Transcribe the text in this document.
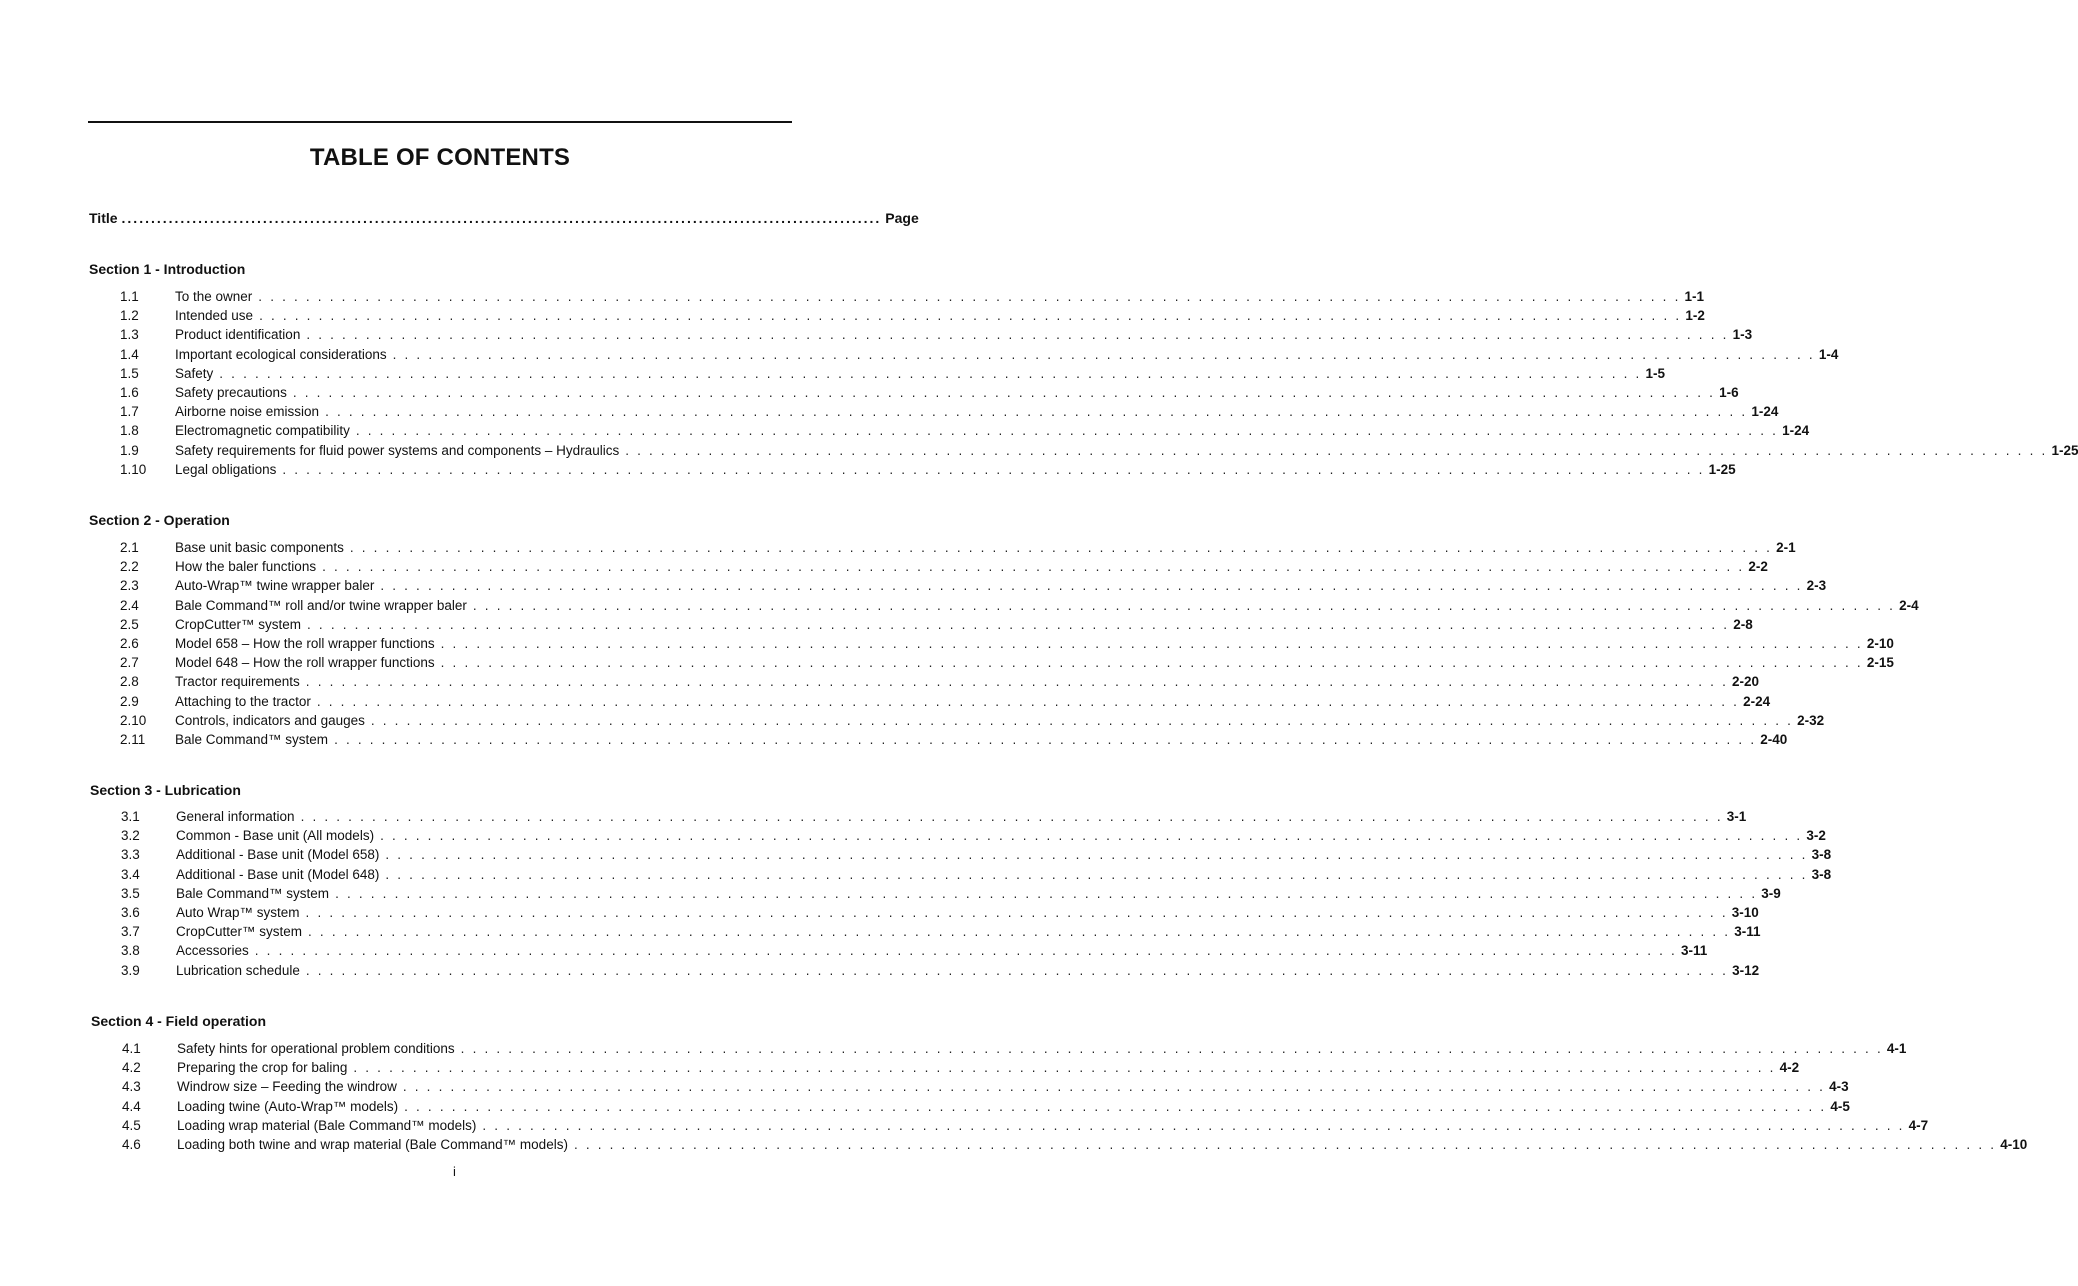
TABLE OF CONTENTS
Title ................................................................................................................................. Page
Section 1 - Introduction
1.1	To the owner . . . . . . . . . . . . . . . . . . . . . . . . . . . . . . . . . . . . . . . . . . . . . . . . . . . . . . . . . . . . . . . . . . . . . . . . . . . . . . . . . . . . . . . . . . . . . . . . . . . . . . . . . . . . . . . . . . . . . . . . 1-1
1.2	Intended use . . . . . . . . . . . . . . . . . . . . . . . . . . . . . . . . . . . . . . . . . . . . . . . . . . . . . . . . . . . . . . . . . . . . . . . . . . . . . . . . . . . . . . . . . . . . . . . . . . . . . . . . . . . . . . . . . . . . . . . . 1-2
1.3	Product identification . . . . . . . . . . . . . . . . . . . . . . . . . . . . . . . . . . . . . . . . . . . . . . . . . . . . . . . . . . . . . . . . . . . . . . . . . . . . . . . . . . . . . . . . . . . . . . . . . . . . . . . . . . . . . . . . . . . . . . . . 1-3
1.4	Important ecological considerations . . . . . . . . . . . . . . . . . . . . . . . . . . . . . . . . . . . . . . . . . . . . . . . . . . . . . . . . . . . . . . . . . . . . . . . . . . . . . . . . . . . . . . . . . . . . . . . . . . . . . . . . . . . . . . . . . . . . . . . . 1-4
1.5	Safety . . . . . . . . . . . . . . . . . . . . . . . . . . . . . . . . . . . . . . . . . . . . . . . . . . . . . . . . . . . . . . . . . . . . . . . . . . . . . . . . . . . . . . . . . . . . . . . . . . . . . . . . . . . . . . . . . . . . . . . . 1-5
1.6	Safety precautions . . . . . . . . . . . . . . . . . . . . . . . . . . . . . . . . . . . . . . . . . . . . . . . . . . . . . . . . . . . . . . . . . . . . . . . . . . . . . . . . . . . . . . . . . . . . . . . . . . . . . . . . . . . . . . . . . . . . . . . . 1-6
1.7	Airborne noise emission . . . . . . . . . . . . . . . . . . . . . . . . . . . . . . . . . . . . . . . . . . . . . . . . . . . . . . . . . . . . . . . . . . . . . . . . . . . . . . . . . . . . . . . . . . . . . . . . . . . . . . . . . . . . . . . . . . . . . . . . 1-24
1.8	Electromagnetic compatibility . . . . . . . . . . . . . . . . . . . . . . . . . . . . . . . . . . . . . . . . . . . . . . . . . . . . . . . . . . . . . . . . . . . . . . . . . . . . . . . . . . . . . . . . . . . . . . . . . . . . . . . . . . . . . . . . . . . . . . . . 1-24
1.9	Safety requirements for fluid power systems and components – Hydraulics . . . . . . . . . . . . . . . . . . . . . . . . . . . . . . . . . . . . . . . . . . . . . . . . . . . . . . . . . . . . . . . . . . . . . . . . . . . . . . . . . . . . . . . . . . . . . . . . . . . . . . . . . . . . . . . . . . . . . . . . 1-25
1.10	Legal obligations . . . . . . . . . . . . . . . . . . . . . . . . . . . . . . . . . . . . . . . . . . . . . . . . . . . . . . . . . . . . . . . . . . . . . . . . . . . . . . . . . . . . . . . . . . . . . . . . . . . . . . . . . . . . . . . . . . . . . . . . 1-25
Section 2 - Operation
2.1	Base unit basic components . . . . . . . . . . . . . . . . . . . . . . . . . . . . . . . . . . . . . . . . . . . . . . . . . . . . . . . . . . . . . . . . . . . . . . . . . . . . . . . . . . . . . . . . . . . . . . . . . . . . . . . . . . . . . . . . . . . . . . . . 2-1
2.2	How the baler functions . . . . . . . . . . . . . . . . . . . . . . . . . . . . . . . . . . . . . . . . . . . . . . . . . . . . . . . . . . . . . . . . . . . . . . . . . . . . . . . . . . . . . . . . . . . . . . . . . . . . . . . . . . . . . . . . . . . . . . . . 2-2
2.3	Auto-Wrap™ twine wrapper baler . . . . . . . . . . . . . . . . . . . . . . . . . . . . . . . . . . . . . . . . . . . . . . . . . . . . . . . . . . . . . . . . . . . . . . . . . . . . . . . . . . . . . . . . . . . . . . . . . . . . . . . . . . . . . . . . . . . . . . . . 2-3
2.4	Bale Command™ roll and/or twine wrapper baler . . . . . . . . . . . . . . . . . . . . . . . . . . . . . . . . . . . . . . . . . . . . . . . . . . . . . . . . . . . . . . . . . . . . . . . . . . . . . . . . . . . . . . . . . . . . . . . . . . . . . . . . . . . . . . . . . . . . . . . . 2-4
2.5	CropCutter™ system . . . . . . . . . . . . . . . . . . . . . . . . . . . . . . . . . . . . . . . . . . . . . . . . . . . . . . . . . . . . . . . . . . . . . . . . . . . . . . . . . . . . . . . . . . . . . . . . . . . . . . . . . . . . . . . . . . . . . . . . 2-8
2.6	Model 658 – How the roll wrapper functions . . . . . . . . . . . . . . . . . . . . . . . . . . . . . . . . . . . . . . . . . . . . . . . . . . . . . . . . . . . . . . . . . . . . . . . . . . . . . . . . . . . . . . . . . . . . . . . . . . . . . . . . . . . . . . . . . . . . . . . . 2-10
2.7	Model 648 – How the roll wrapper functions . . . . . . . . . . . . . . . . . . . . . . . . . . . . . . . . . . . . . . . . . . . . . . . . . . . . . . . . . . . . . . . . . . . . . . . . . . . . . . . . . . . . . . . . . . . . . . . . . . . . . . . . . . . . . . . . . . . . . . . . 2-15
2.8	Tractor requirements . . . . . . . . . . . . . . . . . . . . . . . . . . . . . . . . . . . . . . . . . . . . . . . . . . . . . . . . . . . . . . . . . . . . . . . . . . . . . . . . . . . . . . . . . . . . . . . . . . . . . . . . . . . . . . . . . . . . . . . . 2-20
2.9	Attaching to the tractor . . . . . . . . . . . . . . . . . . . . . . . . . . . . . . . . . . . . . . . . . . . . . . . . . . . . . . . . . . . . . . . . . . . . . . . . . . . . . . . . . . . . . . . . . . . . . . . . . . . . . . . . . . . . . . . . . . . . . . . . 2-24
2.10	Controls, indicators and gauges . . . . . . . . . . . . . . . . . . . . . . . . . . . . . . . . . . . . . . . . . . . . . . . . . . . . . . . . . . . . . . . . . . . . . . . . . . . . . . . . . . . . . . . . . . . . . . . . . . . . . . . . . . . . . . . . . . . . . . . . 2-32
2.11	Bale Command™ system . . . . . . . . . . . . . . . . . . . . . . . . . . . . . . . . . . . . . . . . . . . . . . . . . . . . . . . . . . . . . . . . . . . . . . . . . . . . . . . . . . . . . . . . . . . . . . . . . . . . . . . . . . . . . . . . . . . . . . . . 2-40
Section 3 - Lubrication
3.1	General information . . . . . . . . . . . . . . . . . . . . . . . . . . . . . . . . . . . . . . . . . . . . . . . . . . . . . . . . . . . . . . . . . . . . . . . . . . . . . . . . . . . . . . . . . . . . . . . . . . . . . . . . . . . . . . . . . . . . . . . . 3-1
3.2	Common - Base unit (All models) . . . . . . . . . . . . . . . . . . . . . . . . . . . . . . . . . . . . . . . . . . . . . . . . . . . . . . . . . . . . . . . . . . . . . . . . . . . . . . . . . . . . . . . . . . . . . . . . . . . . . . . . . . . . . . . . . . . . . . . . 3-2
3.3	Additional - Base unit (Model 658) . . . . . . . . . . . . . . . . . . . . . . . . . . . . . . . . . . . . . . . . . . . . . . . . . . . . . . . . . . . . . . . . . . . . . . . . . . . . . . . . . . . . . . . . . . . . . . . . . . . . . . . . . . . . . . . . . . . . . . . . 3-8
3.4	Additional - Base unit (Model 648) . . . . . . . . . . . . . . . . . . . . . . . . . . . . . . . . . . . . . . . . . . . . . . . . . . . . . . . . . . . . . . . . . . . . . . . . . . . . . . . . . . . . . . . . . . . . . . . . . . . . . . . . . . . . . . . . . . . . . . . . 3-8
3.5	Bale Command™ system . . . . . . . . . . . . . . . . . . . . . . . . . . . . . . . . . . . . . . . . . . . . . . . . . . . . . . . . . . . . . . . . . . . . . . . . . . . . . . . . . . . . . . . . . . . . . . . . . . . . . . . . . . . . . . . . . . . . . . . . 3-9
3.6	Auto Wrap™ system . . . . . . . . . . . . . . . . . . . . . . . . . . . . . . . . . . . . . . . . . . . . . . . . . . . . . . . . . . . . . . . . . . . . . . . . . . . . . . . . . . . . . . . . . . . . . . . . . . . . . . . . . . . . . . . . . . . . . . . . 3-10
3.7	CropCutter™ system . . . . . . . . . . . . . . . . . . . . . . . . . . . . . . . . . . . . . . . . . . . . . . . . . . . . . . . . . . . . . . . . . . . . . . . . . . . . . . . . . . . . . . . . . . . . . . . . . . . . . . . . . . . . . . . . . . . . . . . . 3-11
3.8	Accessories . . . . . . . . . . . . . . . . . . . . . . . . . . . . . . . . . . . . . . . . . . . . . . . . . . . . . . . . . . . . . . . . . . . . . . . . . . . . . . . . . . . . . . . . . . . . . . . . . . . . . . . . . . . . . . . . . . . . . . . . 3-11
3.9	Lubrication schedule . . . . . . . . . . . . . . . . . . . . . . . . . . . . . . . . . . . . . . . . . . . . . . . . . . . . . . . . . . . . . . . . . . . . . . . . . . . . . . . . . . . . . . . . . . . . . . . . . . . . . . . . . . . . . . . . . . . . . . . . 3-12
Section 4 - Field operation
4.1	Safety hints for operational problem conditions . . . . . . . . . . . . . . . . . . . . . . . . . . . . . . . . . . . . . . . . . . . . . . . . . . . . . . . . . . . . . . . . . . . . . . . . . . . . . . . . . . . . . . . . . . . . . . . . . . . . . . . . . . . . . . . . . . . . . . . . 4-1
4.2	Preparing the crop for baling . . . . . . . . . . . . . . . . . . . . . . . . . . . . . . . . . . . . . . . . . . . . . . . . . . . . . . . . . . . . . . . . . . . . . . . . . . . . . . . . . . . . . . . . . . . . . . . . . . . . . . . . . . . . . . . . . . . . . . . . 4-2
4.3	Windrow size – Feeding the windrow . . . . . . . . . . . . . . . . . . . . . . . . . . . . . . . . . . . . . . . . . . . . . . . . . . . . . . . . . . . . . . . . . . . . . . . . . . . . . . . . . . . . . . . . . . . . . . . . . . . . . . . . . . . . . . . . . . . . . . . . 4-3
4.4	Loading twine (Auto-Wrap™ models) . . . . . . . . . . . . . . . . . . . . . . . . . . . . . . . . . . . . . . . . . . . . . . . . . . . . . . . . . . . . . . . . . . . . . . . . . . . . . . . . . . . . . . . . . . . . . . . . . . . . . . . . . . . . . . . . . . . . . . . . 4-5
4.5	Loading wrap material (Bale Command™ models) . . . . . . . . . . . . . . . . . . . . . . . . . . . . . . . . . . . . . . . . . . . . . . . . . . . . . . . . . . . . . . . . . . . . . . . . . . . . . . . . . . . . . . . . . . . . . . . . . . . . . . . . . . . . . . . . . . . . . . . . 4-7
4.6	Loading both twine and wrap material (Bale Command™ models) . . . . . . . . . . . . . . . . . . . . . . . . . . . . . . . . . . . . . . . . . . . . . . . . . . . . . . . . . . . . . . . . . . . . . . . . . . . . . . . . . . . . . . . . . . . . . . . . . . . . . . . . . . . . . . . . . . . . . . . . 4-10
i
